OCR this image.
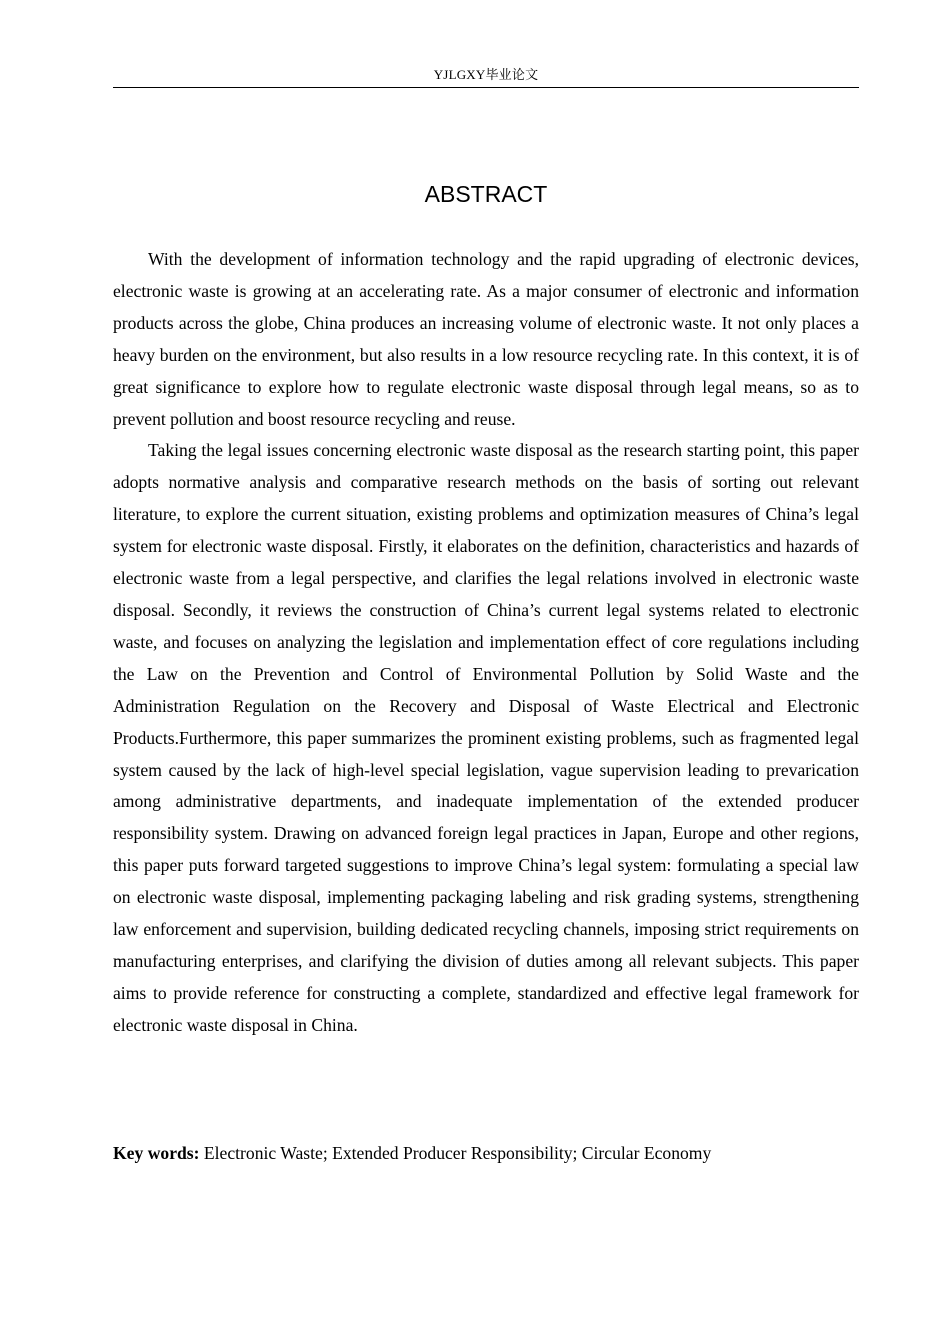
YJLGXY毕业论文
ABSTRACT

With the development of information technology and the rapid upgrading of electronic devices, electronic waste is growing at an accelerating rate. As a major consumer of electronic and information products across the globe, China produces an increasing volume of electronic waste. It not only places a heavy burden on the environment, but also results in a low resource recycling rate. In this context, it is of great significance to explore how to regulate electronic waste disposal through legal means, so as to prevent pollution and boost resource recycling and reuse.

Taking the legal issues concerning electronic waste disposal as the research starting point, this paper adopts normative analysis and comparative research methods on the basis of sorting out relevant literature, to explore the current situation, existing problems and optimization measures of China’s legal system for electronic waste disposal. Firstly, it elaborates on the definition, characteristics and hazards of electronic waste from a legal perspective, and clarifies the legal relations involved in electronic waste disposal. Secondly, it reviews the construction of China’s current legal systems related to electronic waste, and focuses on analyzing the legislation and implementation effect of core regulations including the Law on the Prevention and Control of Environmental Pollution by Solid Waste and the Administration Regulation on the Recovery and Disposal of Waste Electrical and Electronic Products.Furthermore, this paper summarizes the prominent existing problems, such as fragmented legal system caused by the lack of high-level special legislation, vague supervision leading to prevarication among administrative departments, and inadequate implementation of the extended producer responsibility system. Drawing on advanced foreign legal practices in Japan, Europe and other regions, this paper puts forward targeted suggestions to improve China’s legal system: formulating a special law on electronic waste disposal, implementing packaging labeling and risk grading systems, strengthening law enforcement and supervision, building dedicated recycling channels, imposing strict requirements on manufacturing enterprises, and clarifying the division of duties among all relevant subjects. This paper aims to provide reference for constructing a complete, standardized and effective legal framework for electronic waste disposal in China.

Key words: Electronic Waste; Extended Producer Responsibility; Circular Economy
